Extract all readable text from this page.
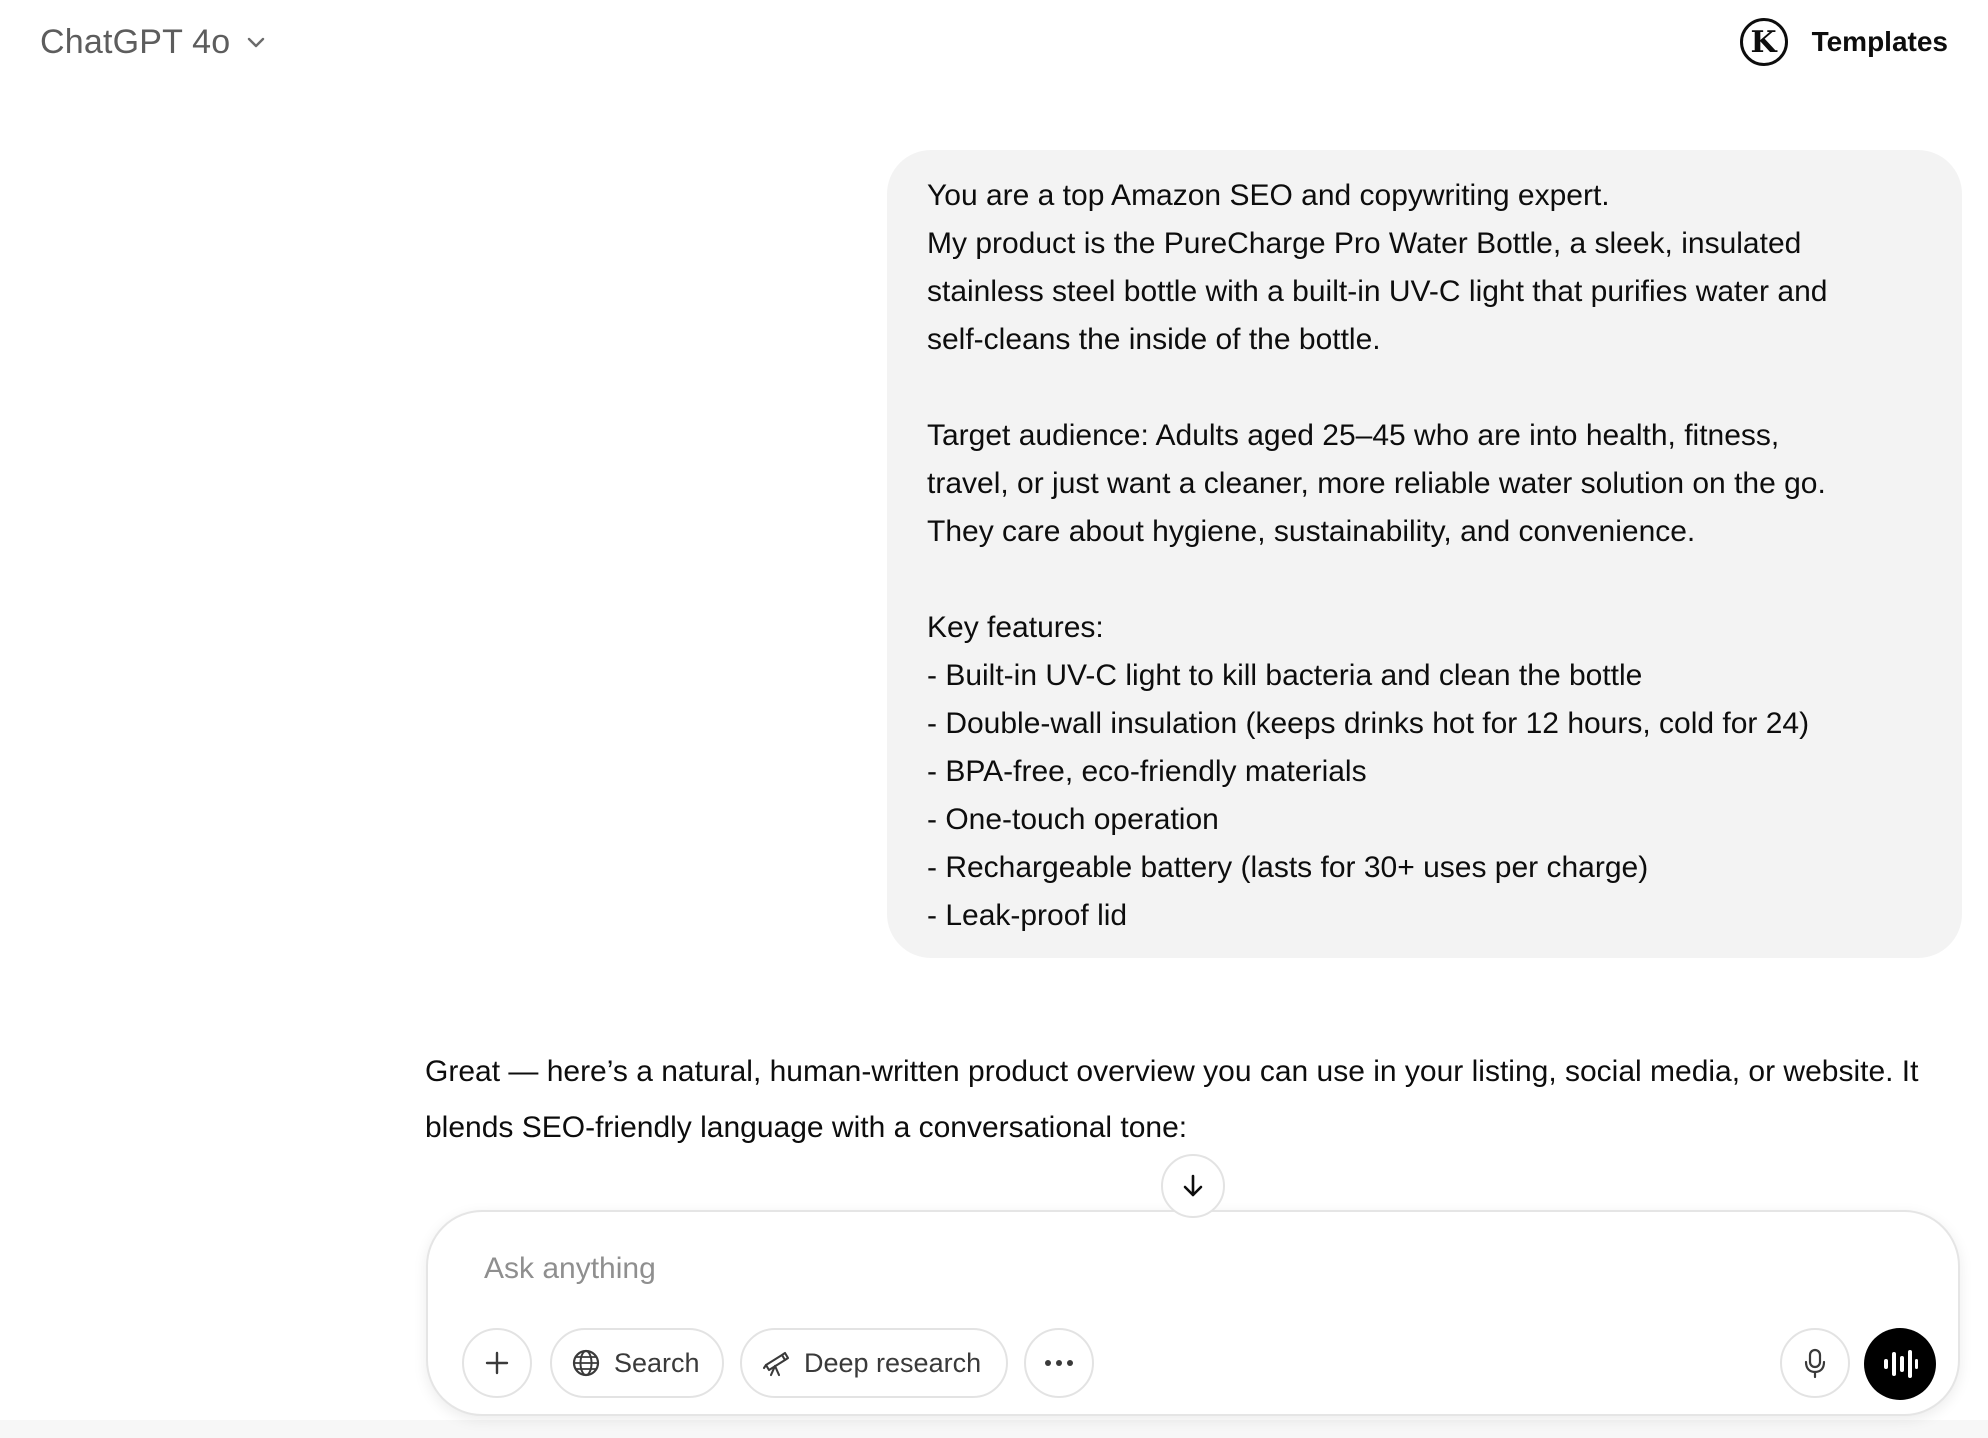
ChatGPT 4o	K	Templates
You are a top Amazon SEO and copywriting expert.
My product is the PureCharge Pro Water Bottle, a sleek, insulated
stainless steel bottle with a built-in UV-C light that purifies water and
self-cleans the inside of the bottle.
Target audience: Adults aged 25–45 who are into health, fitness,
travel, or just want a cleaner, more reliable water solution on the go.
They care about hygiene, sustainability, and convenience.
Key features:
- Built-in UV-C light to kill bacteria and clean the bottle
- Double-wall insulation (keeps drinks hot for 12 hours, cold for 24)
- BPA-free, eco-friendly materials
- One-touch operation
- Rechargeable battery (lasts for 30+ uses per charge)
- Leak-proof lid
Great — here’s a natural, human-written product overview you can use in your listing, social media, or website. It blends SEO-friendly language with a conversational tone:
Ask anything
Search	Deep research
